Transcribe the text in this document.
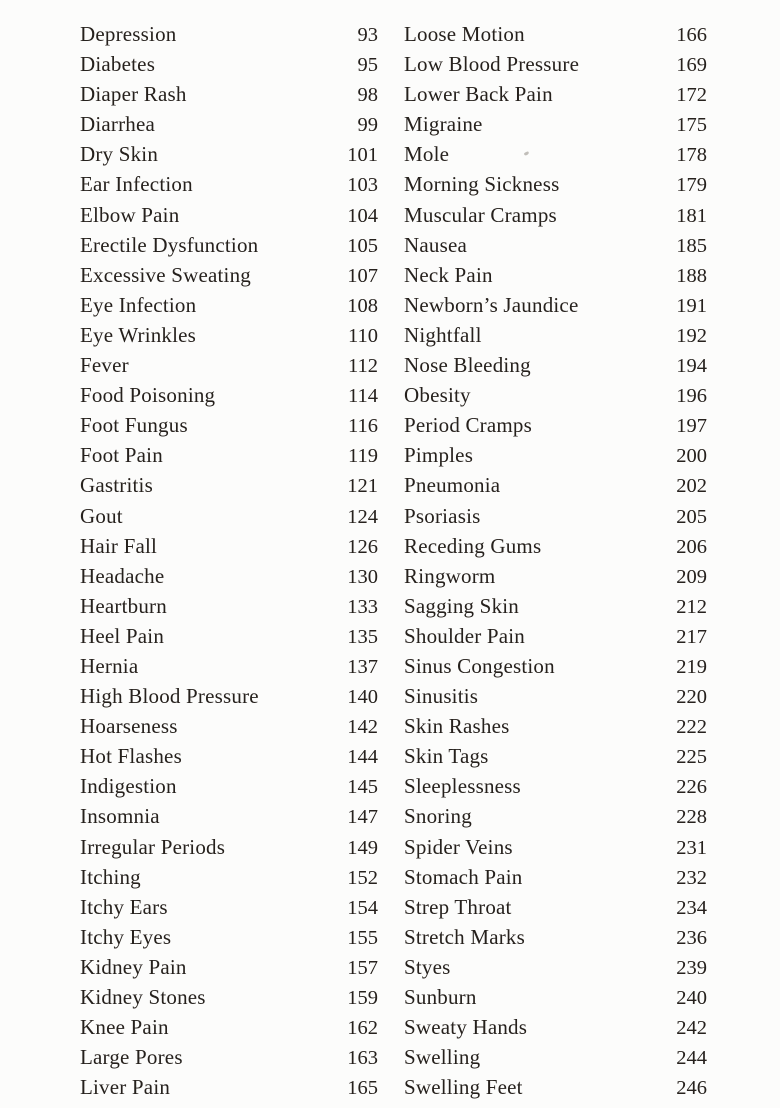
Depression	93
Diabetes	95
Diaper Rash	98
Diarrhea	99
Dry Skin	101
Ear Infection	103
Elbow Pain	104
Erectile Dysfunction	105
Excessive Sweating	107
Eye Infection	108
Eye Wrinkles	110
Fever	112
Food Poisoning	114
Foot Fungus	116
Foot Pain	119
Gastritis	121
Gout	124
Hair Fall	126
Headache	130
Heartburn	133
Heel Pain	135
Hernia	137
High Blood Pressure	140
Hoarseness	142
Hot Flashes	144
Indigestion	145
Insomnia	147
Irregular Periods	149
Itching	152
Itchy Ears	154
Itchy Eyes	155
Kidney Pain	157
Kidney Stones	159
Knee Pain	162
Large Pores	163
Liver Pain	165
Loose Motion	166
Low Blood Pressure	169
Lower Back Pain	172
Migraine	175
Mole	178
Morning Sickness	179
Muscular Cramps	181
Nausea	185
Neck Pain	188
Newborn’s Jaundice	191
Nightfall	192
Nose Bleeding	194
Obesity	196
Period Cramps	197
Pimples	200
Pneumonia	202
Psoriasis	205
Receding Gums	206
Ringworm	209
Sagging Skin	212
Shoulder Pain	217
Sinus Congestion	219
Sinusitis	220
Skin Rashes	222
Skin Tags	225
Sleeplessness	226
Snoring	228
Spider Veins	231
Stomach Pain	232
Strep Throat	234
Stretch Marks	236
Styes	239
Sunburn	240
Sweaty Hands	242
Swelling	244
Swelling Feet	246
